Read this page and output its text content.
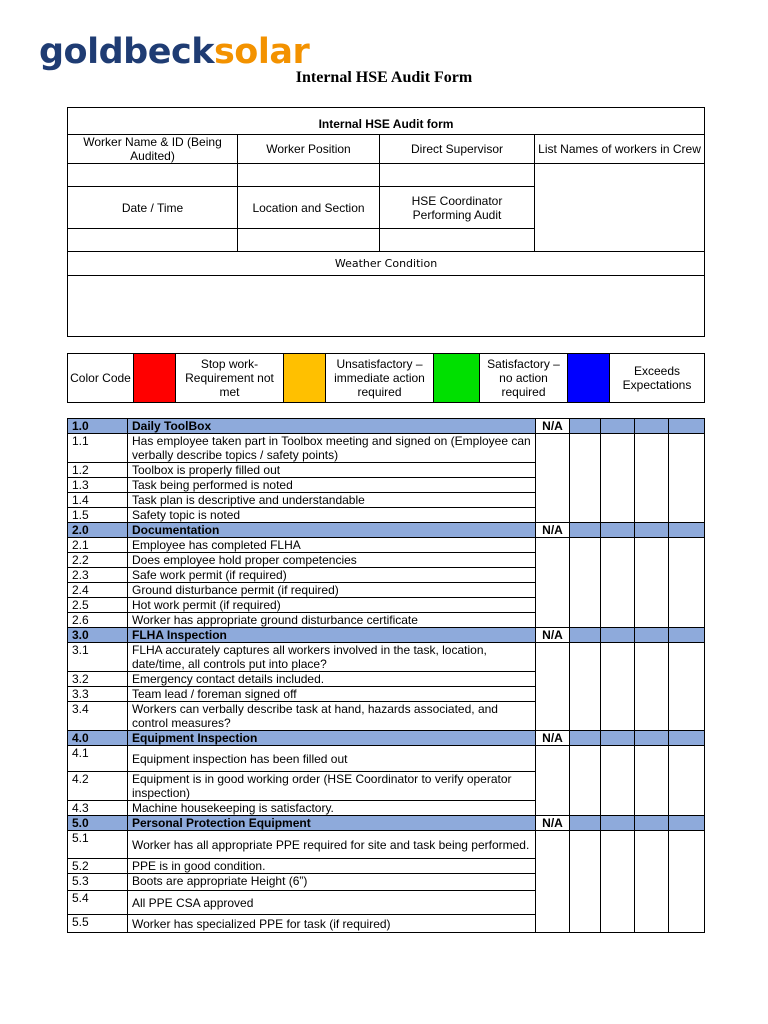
goldbecksolar
Internal HSE Audit Form
Internal HSE Audit form			
Worker Name & ID (Being Audited)	Worker Position	Direct Supervisor	List Names of workers in Crew

Date / Time	Location and Section	HSE Coordinator Performing Audit	

Weather Condition			

Color Code		Stop work-Requirement not met		Unsatisfactory – immediate action required		Satisfactory – no action required		Exceeds Expectations
1.0	Daily ToolBox	N/A				
1.1	Has employee taken part in Toolbox meeting and signed on (Employee can verbally describe topics / safety points)					
1.2	Toolbox is properly filled out					
1.3	Task being performed is noted					
1.4	Task plan is descriptive and understandable					
1.5	Safety topic is noted					
2.0	Documentation	N/A				
2.1	Employee has completed FLHA					
2.2	Does employee hold proper competencies					
2.3	Safe work permit (if required)					
2.4	Ground disturbance permit (if required)					
2.5	Hot work permit (if required)					
2.6	Worker has appropriate ground disturbance certificate					
3.0	FLHA Inspection	N/A				
3.1	FLHA accurately captures all workers involved in the task, location, date/time, all controls put into place?					
3.2	Emergency contact details included.					
3.3	Team lead / foreman signed off					
3.4	Workers can verbally describe task at hand, hazards associated, and control measures?					
4.0	Equipment Inspection	N/A				
4.1	Equipment inspection has been filled out					
4.2	Equipment is in good working order (HSE Coordinator to verify operator inspection)					
4.3	Machine housekeeping is satisfactory.					
5.0	Personal Protection Equipment	N/A				
5.1	Worker has all appropriate PPE required for site and task being performed.					
5.2	PPE is in good condition.					
5.3	Boots are appropriate Height (6”)					
5.4	All PPE CSA approved					
5.5	Worker has specialized PPE for task (if required)					
